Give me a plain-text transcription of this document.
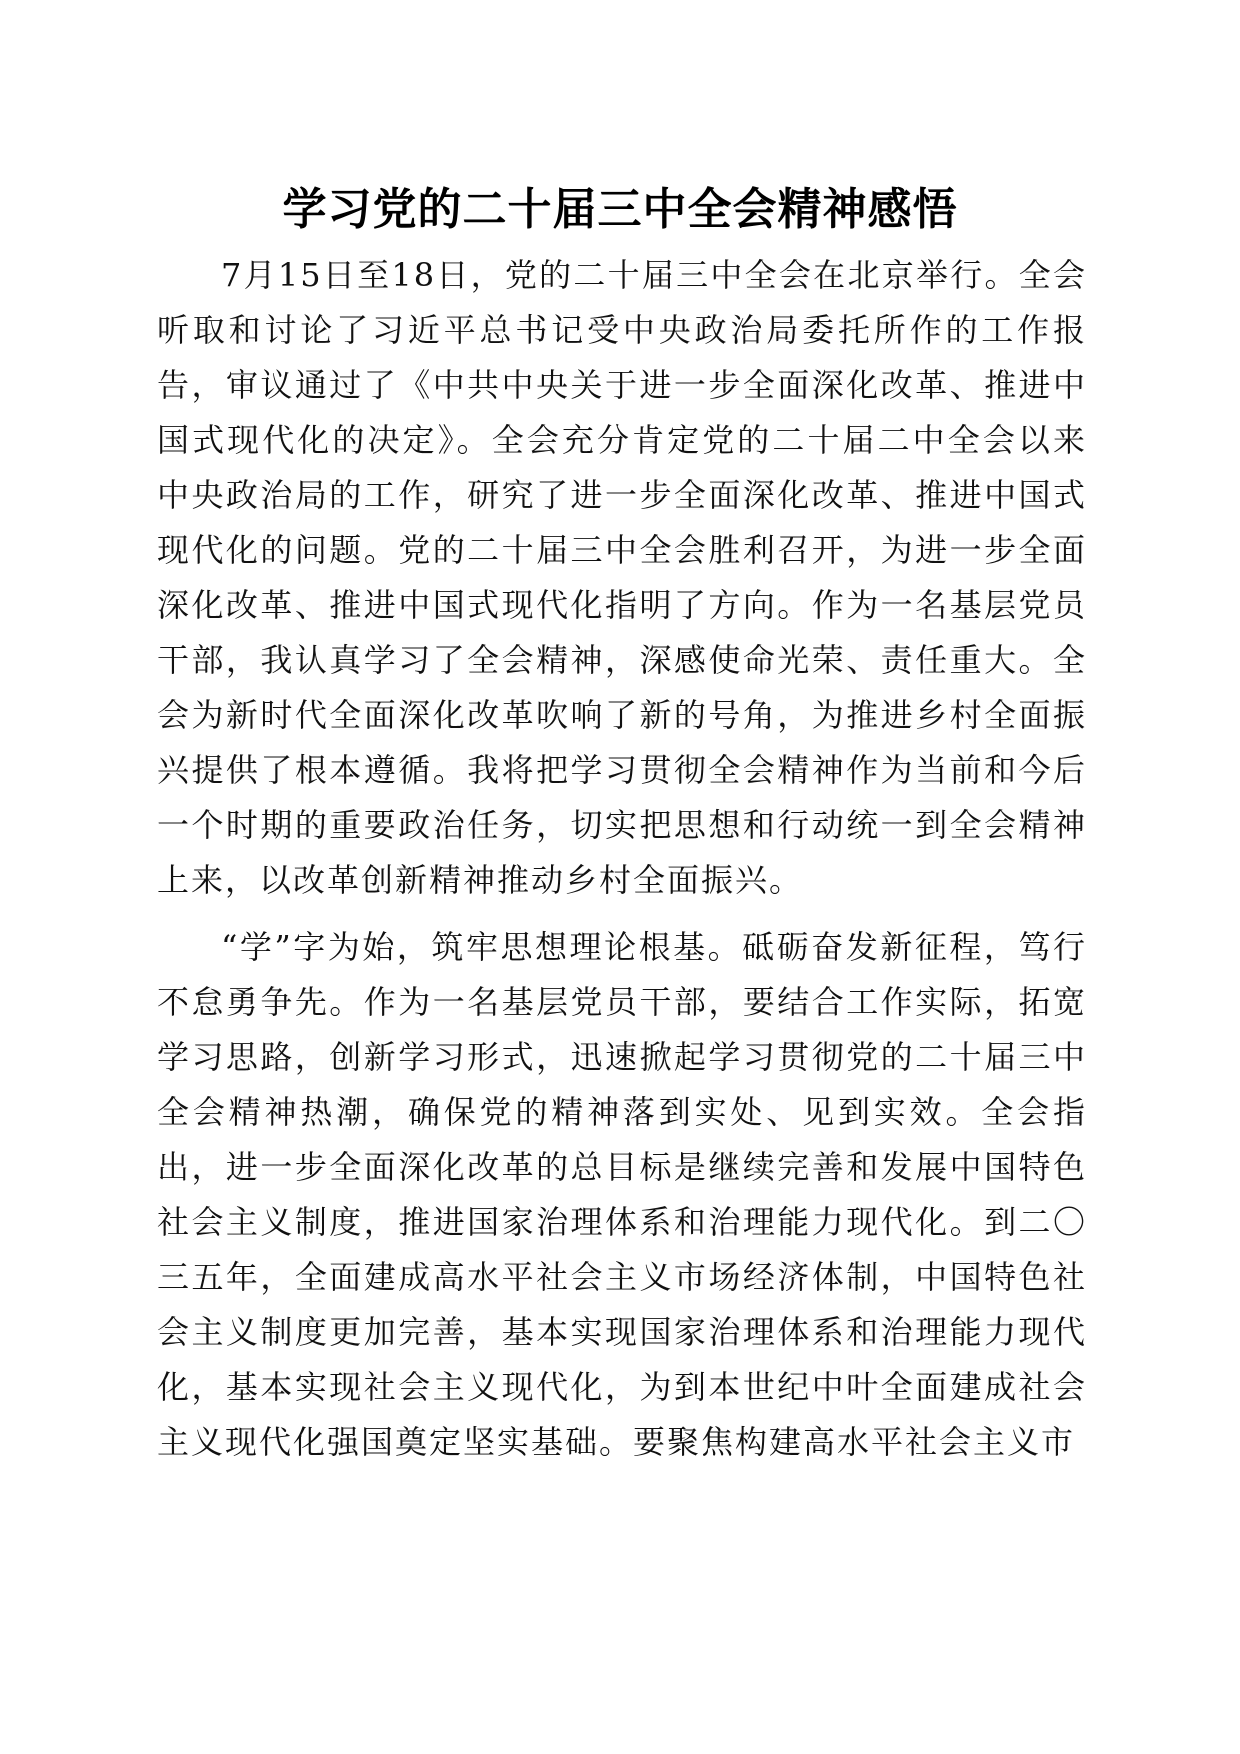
学习党的二十届三中全会精神感悟

7月15日至18日，党的二十届三中全会在北京举行。全会听取和讨论了习近平总书记受中央政治局委托所作的工作报告，审议通过了《中共中央关于进一步全面深化改革、推进中国式现代化的决定》。全会充分肯定党的二十届二中全会以来中央政治局的工作，研究了进一步全面深化改革、推进中国式现代化的问题。党的二十届三中全会胜利召开，为进一步全面深化改革、推进中国式现代化指明了方向。作为一名基层党员干部，我认真学习了全会精神，深感使命光荣、责任重大。全会为新时代全面深化改革吹响了新的号角，为推进乡村全面振兴提供了根本遵循。我将把学习贯彻全会精神作为当前和今后一个时期的重要政治任务，切实把思想和行动统一到全会精神上来，以改革创新精神推动乡村全面振兴。

“学”字为始，筑牢思想理论根基。砥砺奋发新征程，笃行不怠勇争先。作为一名基层党员干部，要结合工作实际，拓宽学习思路，创新学习形式，迅速掀起学习贯彻党的二十届三中全会精神热潮，确保党的精神落到实处、见到实效。全会指出，进一步全面深化改革的总目标是继续完善和发展中国特色社会主义制度，推进国家治理体系和治理能力现代化。到二〇三五年，全面建成高水平社会主义市场经济体制，中国特色社会主义制度更加完善，基本实现国家治理体系和治理能力现代化，基本实现社会主义现代化，为到本世纪中叶全面建成社会主义现代化强国奠定坚实基础。要聚焦构建高水平社会主义市
